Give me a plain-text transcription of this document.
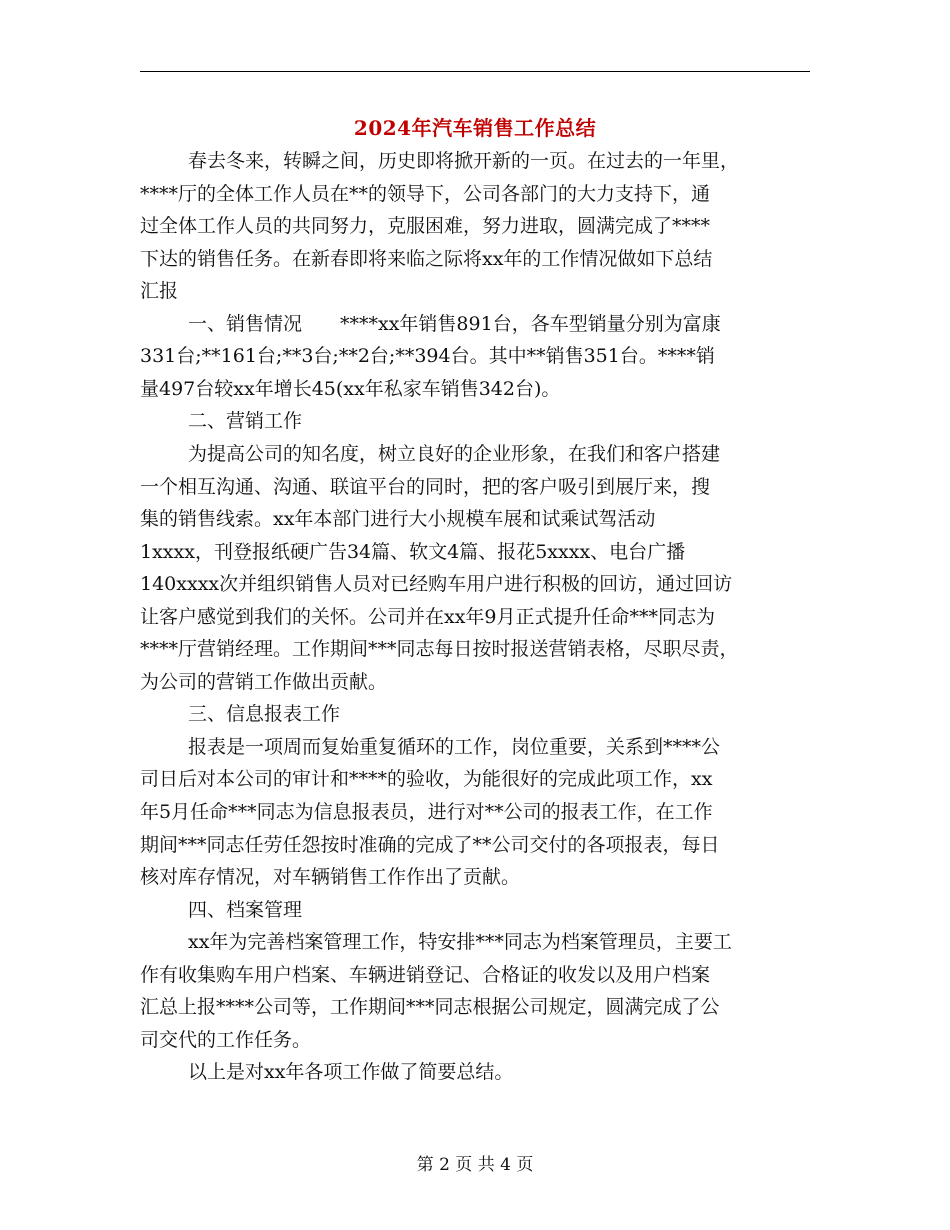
2024年汽车销售工作总结
春去冬来，转瞬之间，历史即将掀开新的一页。在过去的一年里，
****厅的全体工作人员在**的领导下，公司各部门的大力支持下，通
过全体工作人员的共同努力，克服困难，努力进取，圆满完成了****
下达的销售任务。在新春即将来临之际将xx年的工作情况做如下总结
汇报
一、销售情况　　****xx年销售891台，各车型销量分别为富康
331台;**161台;**3台;**2台;**394台。其中**销售351台。****销
量497台较xx年增长45(xx年私家车销售342台)。
二、营销工作
为提高公司的知名度，树立良好的企业形象，在我们和客户搭建
一个相互沟通、沟通、联谊平台的同时，把的客户吸引到展厅来，搜
集的销售线索。xx年本部门进行大小规模车展和试乘试驾活动
1xxxx，刊登报纸硬广告34篇、软文4篇、报花5xxxx、电台广播
140xxxx次并组织销售人员对已经购车用户进行积极的回访，通过回访
让客户感觉到我们的关怀。公司并在xx年9月正式提升任命***同志为
****厅营销经理。工作期间***同志每日按时报送营销表格，尽职尽责，
为公司的营销工作做出贡献。
三、信息报表工作
报表是一项周而复始重复循环的工作，岗位重要，关系到****公
司日后对本公司的审计和****的验收，为能很好的完成此项工作，xx
年5月任命***同志为信息报表员，进行对**公司的报表工作，在工作
期间***同志任劳任怨按时准确的完成了**公司交付的各项报表，每日
核对库存情况，对车辆销售工作作出了贡献。
四、档案管理
xx年为完善档案管理工作，特安排***同志为档案管理员，主要工
作有收集购车用户档案、车辆进销登记、合格证的收发以及用户档案
汇总上报****公司等，工作期间***同志根据公司规定，圆满完成了公
司交代的工作任务。
以上是对xx年各项工作做了简要总结。
第 2 页 共 4 页
